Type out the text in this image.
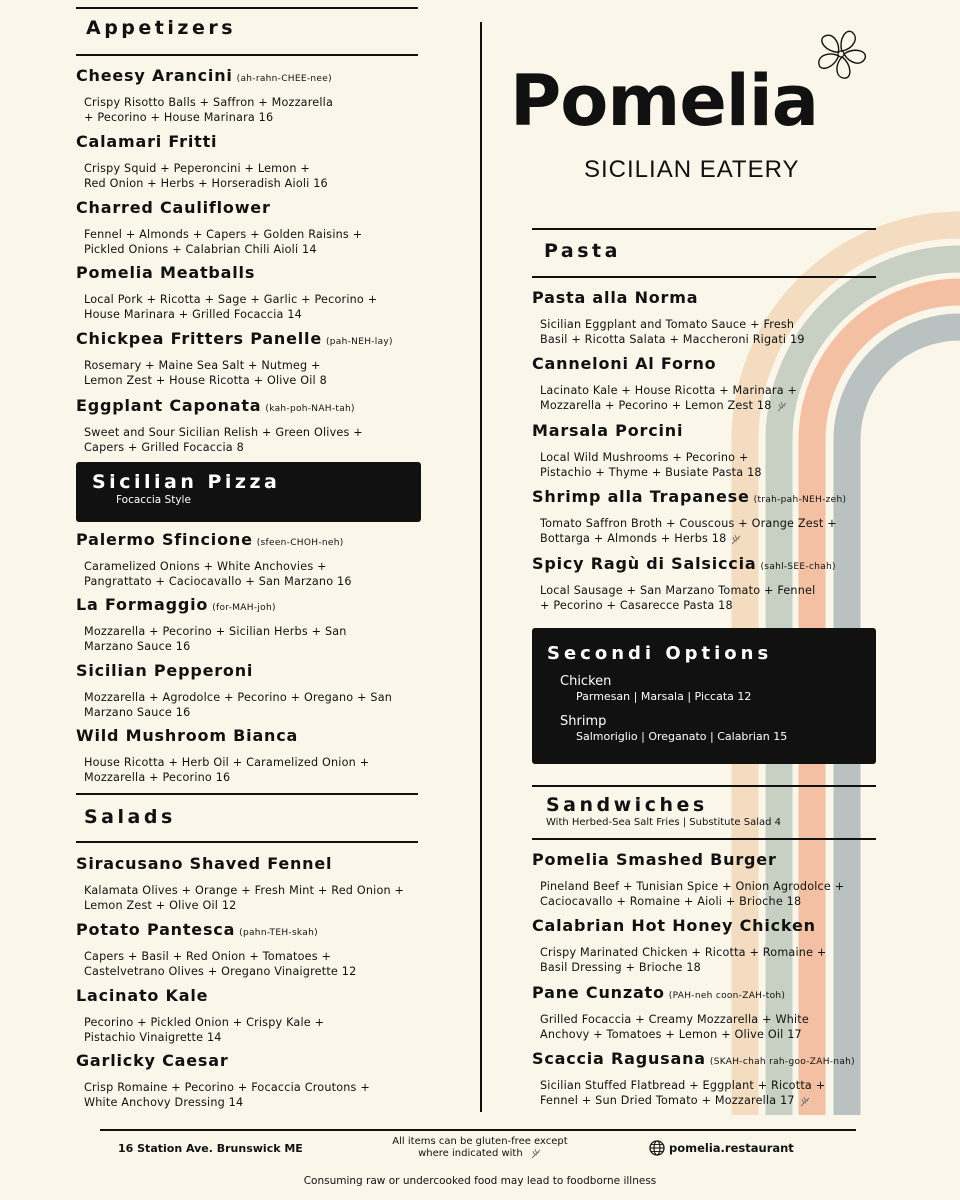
Appetizers
Cheesy Arancini (ah-rahn-CHEE-nee)
Crispy Risotto Balls + Saffron + Mozzarella
+ Pecorino + House Marinara 16
Calamari Fritti
Crispy Squid + Peperoncini + Lemon +
Red Onion + Herbs + Horseradish Aioli 16
Charred Cauliflower
Fennel + Almonds + Capers + Golden Raisins +
Pickled Onions + Calabrian Chili Aioli 14
Pomelia Meatballs
Local Pork + Ricotta + Sage + Garlic + Pecorino +
House Marinara + Grilled Focaccia 14
Chickpea Fritters Panelle (pah-NEH-lay)
Rosemary + Maine Sea Salt + Nutmeg +
Lemon Zest + House Ricotta + Olive Oil 8
Eggplant Caponata (kah-poh-NAH-tah)
Sweet and Sour Sicilian Relish + Green Olives +
Capers + Grilled Focaccia 8
Sicilian Pizza
Focaccia Style
Palermo Sfincione (sfeen-CHOH-neh)
Caramelized Onions + White Anchovies +
Pangrattato + Caciocavallo + San Marzano 16
La Formaggio (for-MAH-joh)
Mozzarella + Pecorino + Sicilian Herbs + San
Marzano Sauce 16
Sicilian Pepperoni
Mozzarella + Agrodolce + Pecorino + Oregano + San
Marzano Sauce 16
Wild Mushroom Bianca
House Ricotta + Herb Oil + Caramelized Onion +
Mozzarella + Pecorino 16
Salads
Siracusano Shaved Fennel
Kalamata Olives + Orange + Fresh Mint + Red Onion +
Lemon Zest + Olive Oil 12
Potato Pantesca (pahn-TEH-skah)
Capers + Basil + Red Onion + Tomatoes +
Castelvetrano Olives + Oregano Vinaigrette 12
Lacinato Kale
Pecorino + Pickled Onion + Crispy Kale +
Pistachio Vinaigrette 14
Garlicky Caesar
Crisp Romaine + Pecorino + Focaccia Croutons +
White Anchovy Dressing 14
Pomelia
SICILIAN EATERY
Pasta
Pasta alla Norma
Sicilian Eggplant and Tomato Sauce + Fresh
Basil + Ricotta Salata + Maccheroni Rigati 19
Canneloni Al Forno
Lacinato Kale + House Ricotta + Marinara +
Mozzarella + Pecorino + Lemon Zest 18
Marsala Porcini
Local Wild Mushrooms + Pecorino +
Pistachio + Thyme + Busiate Pasta 18
Shrimp alla Trapanese (trah-pah-NEH-zeh)
Tomato Saffron Broth + Couscous + Orange Zest +
Bottarga + Almonds + Herbs 18
Spicy Ragù di Salsiccia (sahl-SEE-chah)
Local Sausage + San Marzano Tomato + Fennel
+ Pecorino + Casarecce Pasta 18
Secondi Options
Chicken
Parmesan | Marsala | Piccata 12
Shrimp
Salmoriglio | Oreganato | Calabrian 15
Sandwiches
With Herbed-Sea Salt Fries | Substitute Salad 4
Pomelia Smashed Burger
Pineland Beef + Tunisian Spice + Onion Agrodolce +
Caciocavallo + Romaine + Aioli + Brioche 18
Calabrian Hot Honey Chicken
Crispy Marinated Chicken + Ricotta + Romaine +
Basil Dressing + Brioche 18
Pane Cunzato (PAH-neh coon-ZAH-toh)
Grilled Focaccia + Creamy Mozzarella + White
Anchovy + Tomatoes + Lemon + Olive Oil 17
Scaccia Ragusana (SKAH-chah rah-goo-ZAH-nah)
Sicilian Stuffed Flatbread + Eggplant + Ricotta +
Fennel + Sun Dried Tomato + Mozzarella 17
16 Station Ave. Brunswick ME
All items can be gluten-free except
where indicated with	pomelia.restaurant
Consuming raw or undercooked food may lead to foodborne illness
